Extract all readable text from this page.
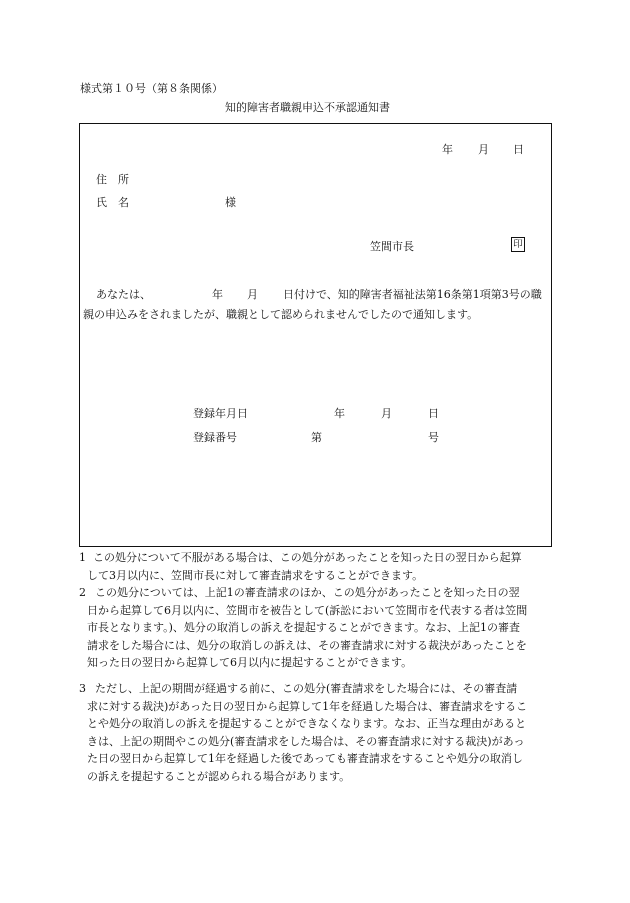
様式第１０号（第８条関係）
知的障害者職親申込不承認通知書
年 月 日
住　所
氏　名	様
笠間市長	印
あなたは、	年 月 日付けで、知的障害者福祉法第16条第1項第3号の職
親の申込みをされましたが、職親として認められませんでしたので通知します。
登録年月日	年	月	日
登録番号	第	号
1 この処分について不服がある場合は、この処分があったことを知った日の翌日から起算
して3月以内に、笠間市長に対して審査請求をすることができます。
2 この処分については、上記1の審査請求のほか、この処分があったことを知った日の翌
日から起算して6月以内に、笠間市を被告として(訴訟において笠間市を代表する者は笠間
市長となります。)、処分の取消しの訴えを提起することができます。なお、上記1の審査
請求をした場合には、処分の取消しの訴えは、その審査請求に対する裁決があったことを
知った日の翌日から起算して6月以内に提起することができます。
3 ただし、上記の期間が経過する前に、この処分(審査請求をした場合には、その審査請
求に対する裁決)があった日の翌日から起算して1年を経過した場合は、審査請求をするこ
とや処分の取消しの訴えを提起することができなくなります。なお、正当な理由があると
きは、上記の期間やこの処分(審査請求をした場合は、その審査請求に対する裁決)があっ
た日の翌日から起算して1年を経過した後であっても審査請求をすることや処分の取消し
の訴えを提起することが認められる場合があります。
